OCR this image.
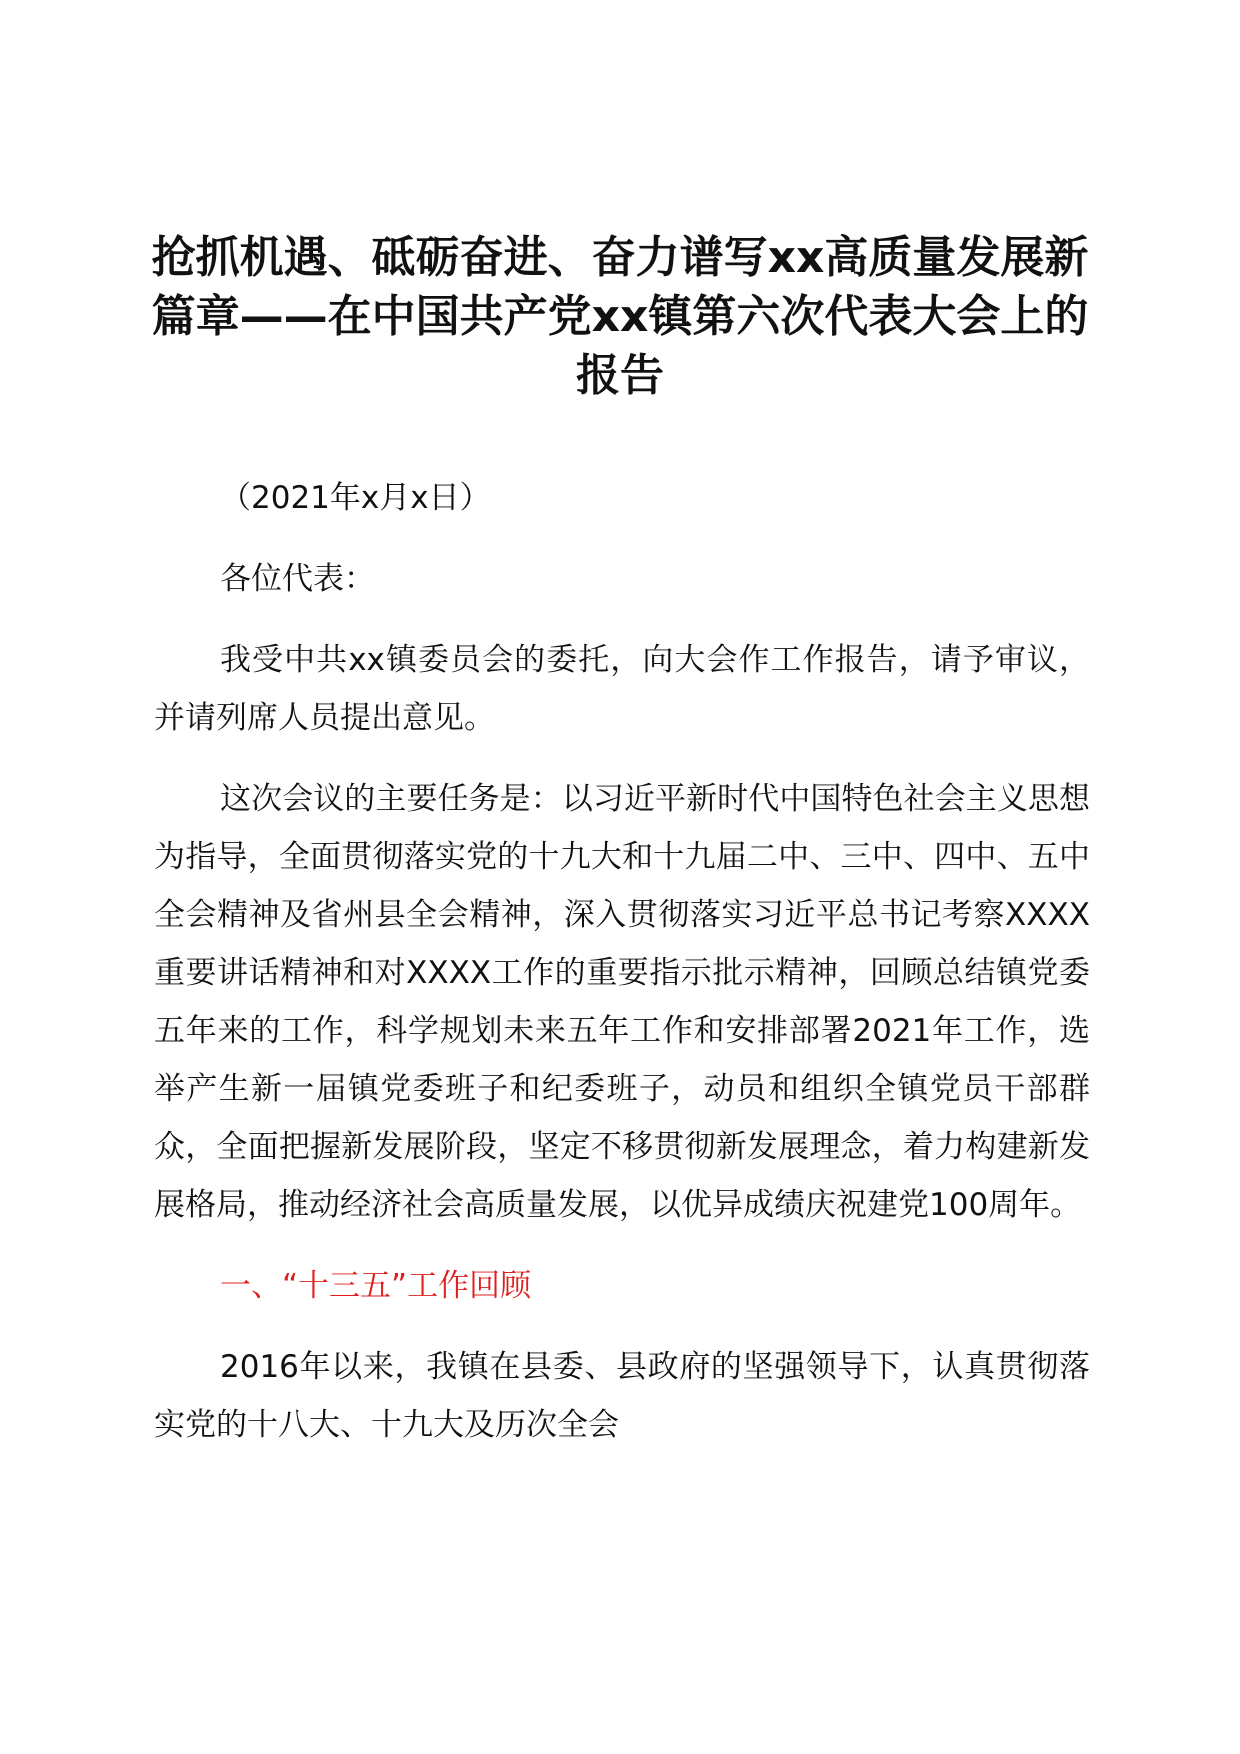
抢抓机遇、砥砺奋进、奋力谱写xx高质量发展新篇章——在中国共产党xx镇第六次代表大会上的报告

（2021年x月x日）

各位代表：

我受中共xx镇委员会的委托，向大会作工作报告，请予审议，并请列席人员提出意见。

这次会议的主要任务是：以习近平新时代中国特色社会主义思想为指导，全面贯彻落实党的十九大和十九届二中、三中、四中、五中全会精神及省州县全会精神，深入贯彻落实习近平总书记考察XXXX重要讲话精神和对XXXX工作的重要指示批示精神，回顾总结镇党委五年来的工作，科学规划未来五年工作和安排部署2021年工作，选举产生新一届镇党委班子和纪委班子，动员和组织全镇党员干部群众，全面把握新发展阶段，坚定不移贯彻新发展理念，着力构建新发展格局，推动经济社会高质量发展，以优异成绩庆祝建党100周年。

一、“十三五”工作回顾

2016年以来，我镇在县委、县政府的坚强领导下，认真贯彻落实党的十八大、十九大及历次全会
